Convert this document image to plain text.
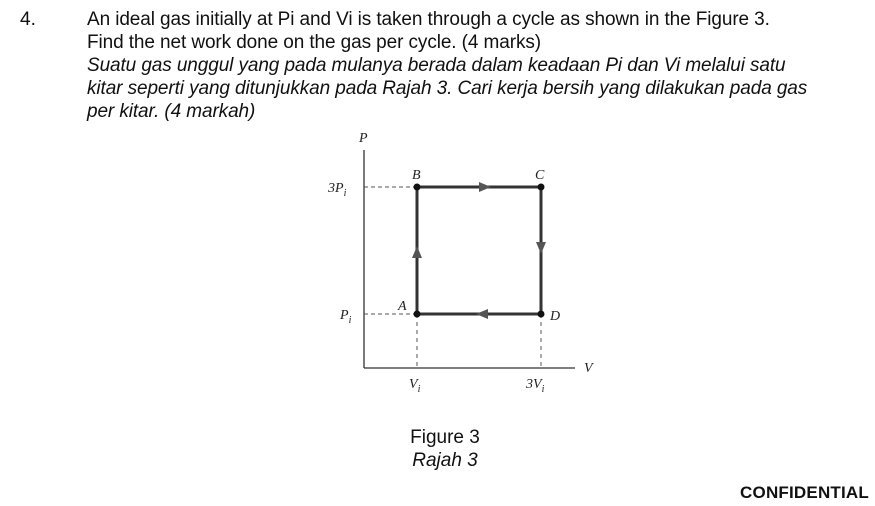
4.	An ideal gas initially at Pi and Vi is taken through a cycle as shown in the Figure 3.
Find the net work done on the gas per cycle. (4 marks)
Suatu gas unggul yang pada mulanya berada dalam keadaan Pi dan Vi melalui satu
kitar seperti yang ditunjukkan pada Rajah 3. Cari kerja bersih yang dilakukan pada gas
per kitar. (4 markah)
P
V
$3P_i$
$P_i$
$V_i$	$3V_i$
A
B	C
D
Figure 3
Rajah 3
CONFIDENTIAL
